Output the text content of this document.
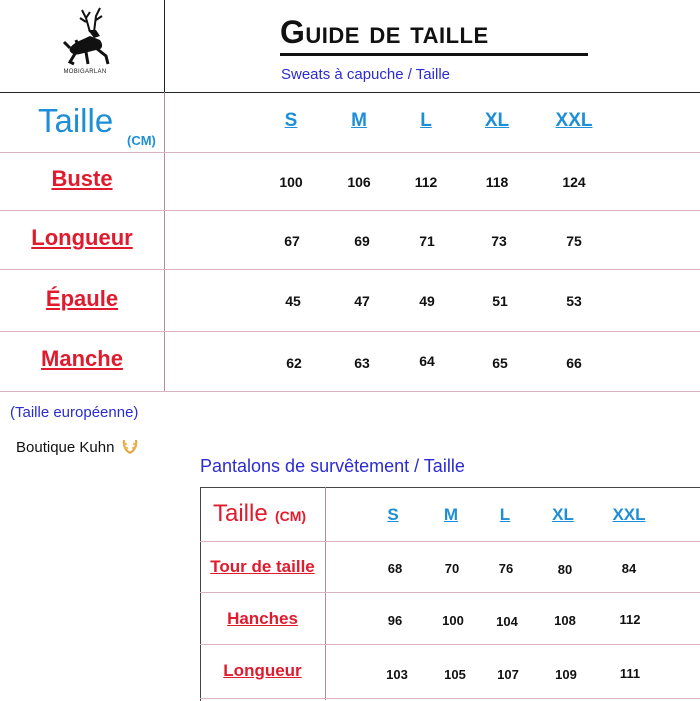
MOBIGARLAN
Guide de taille
Sweats à capuche / Taille
Taille
(CM)
S	M	L	XL	XXL
Buste	100	106	112	118	124
Longueur	67	69	71	73	75
Épaule	45	47	49	51	53
Manche	62	63	64	65	66
(Taille européenne)
Boutique Kuhn
Pantalons de survêtement / Taille
Taille (CM)	S	M	L	XL	XXL
Tour de taille	68	70	76	80	84
Hanches	96	100	104	108	112
Longueur	103	105	107	109	111
